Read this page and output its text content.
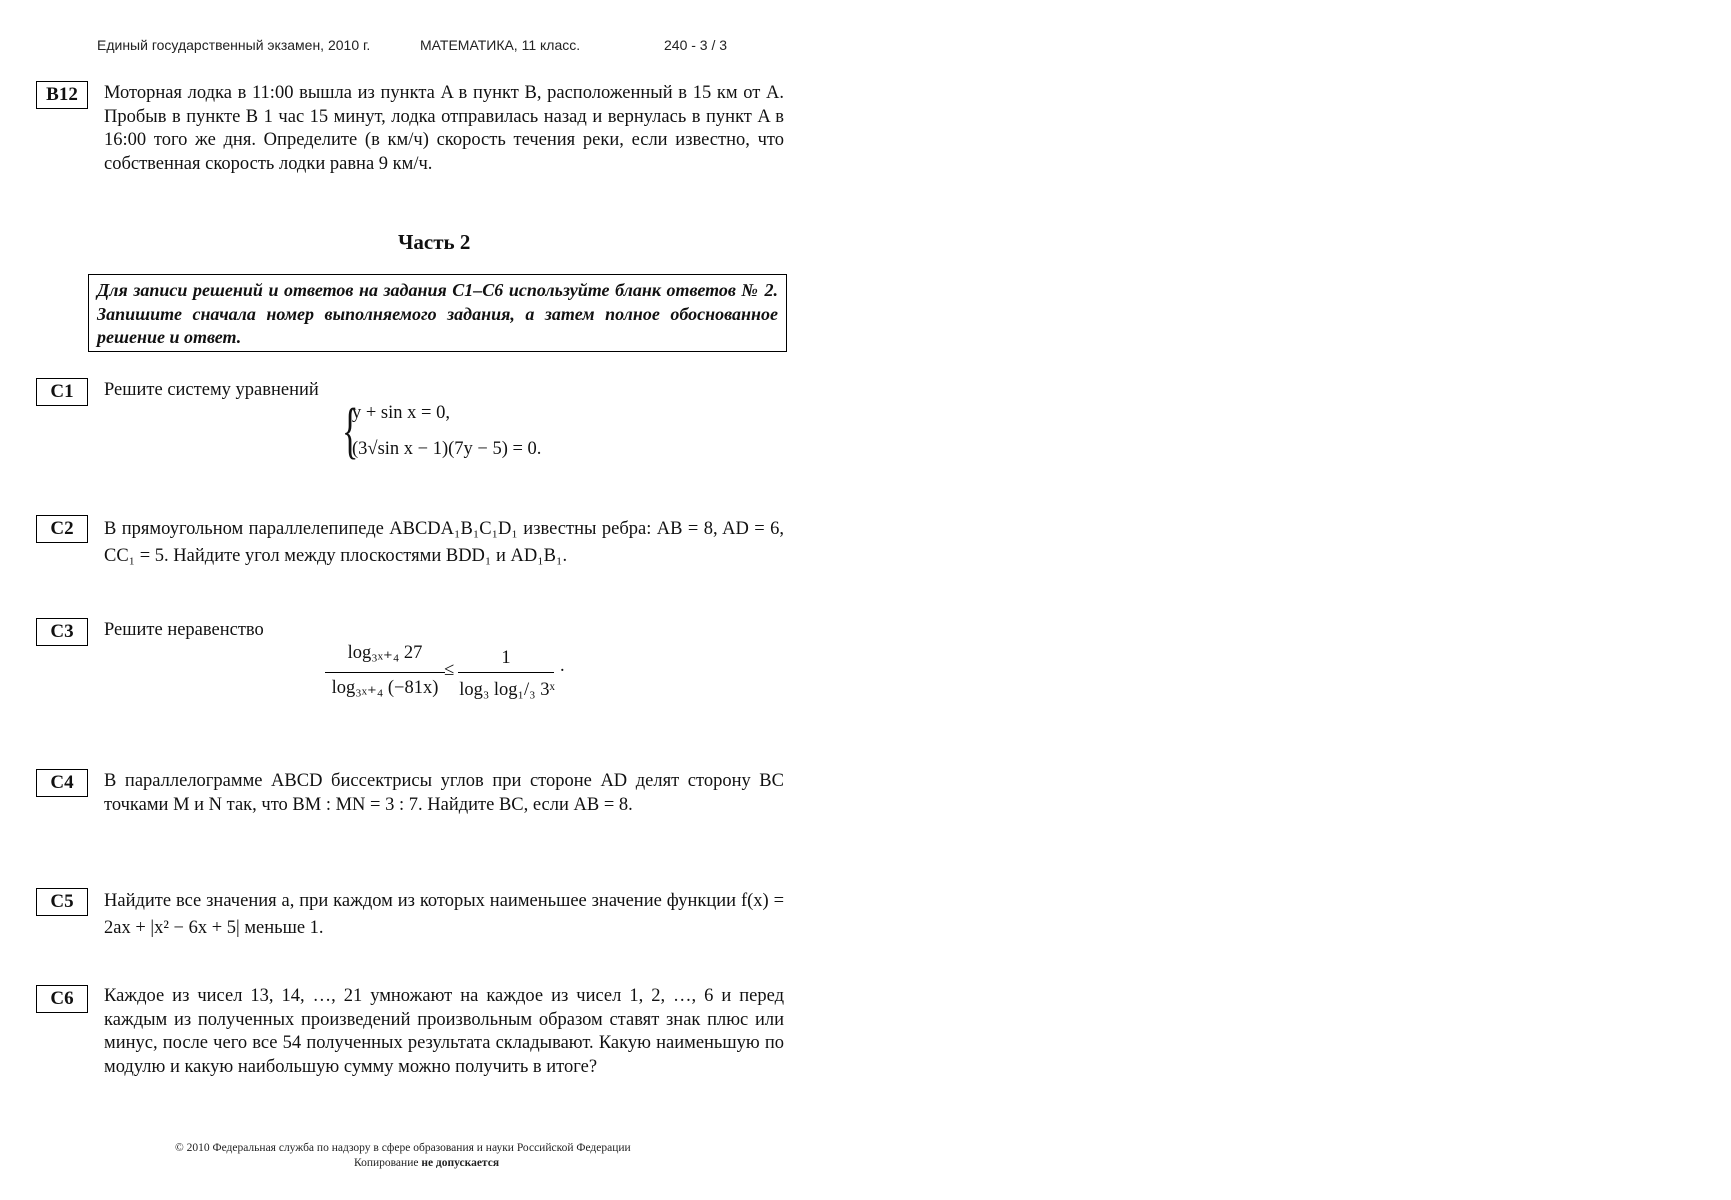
Единый государственный экзамен, 2010 г.	МАТЕМАТИКА, 11 класс.	240 - 3 / 3
B12	Моторная лодка в 11:00 вышла из пункта A в пункт B, расположенный в 15 км от A. Пробыв в пункте B 1 час 15 минут, лодка отправилась назад и вернулась в пункт A в 16:00 того же дня. Определите (в км/ч) скорость течения реки, если известно, что собственная скорость лодки равна 9 км/ч.
Часть 2
Для записи решений и ответов на задания С1–С6 используйте бланк ответов № 2. Запишите сначала номер выполняемого задания, а затем полное обоснованное решение и ответ.
C1	Решите систему уравнений
{
y + sin x = 0,
(3√sin x − 1)(7y − 5) = 0.
C2	В прямоугольном параллелепипеде ABCDA₁B₁C₁D₁ известны ребра: AB = 8, AD = 6, CC₁ = 5. Найдите угол между плоскостями BDD₁ и AD₁B₁.
C3	Решите неравенство
log₃ₓ₊₄ 27
log₃ₓ₊₄ (−81x)
≤
1
log₃ log₁/₃ 3ˣ
.
C4	В параллелограмме ABCD биссектрисы углов при стороне AD делят сторону BC точками M и N так, что BM : MN = 3 : 7. Найдите BC, если AB = 8.
C5	Найдите все значения a, при каждом из которых наименьшее значение функции f(x) = 2ax + |x² − 6x + 5| меньше 1.
C6	Каждое из чисел 13, 14, …, 21 умножают на каждое из чисел 1, 2, …, 6 и перед каждым из полученных произведений произвольным образом ставят знак плюс или минус, после чего все 54 полученных результата складывают. Какую наименьшую по модулю и какую наибольшую сумму можно получить в итоге?
© 2010 Федеральная служба по надзору в сфере образования и науки Российской Федерации
Копирование не допускается
